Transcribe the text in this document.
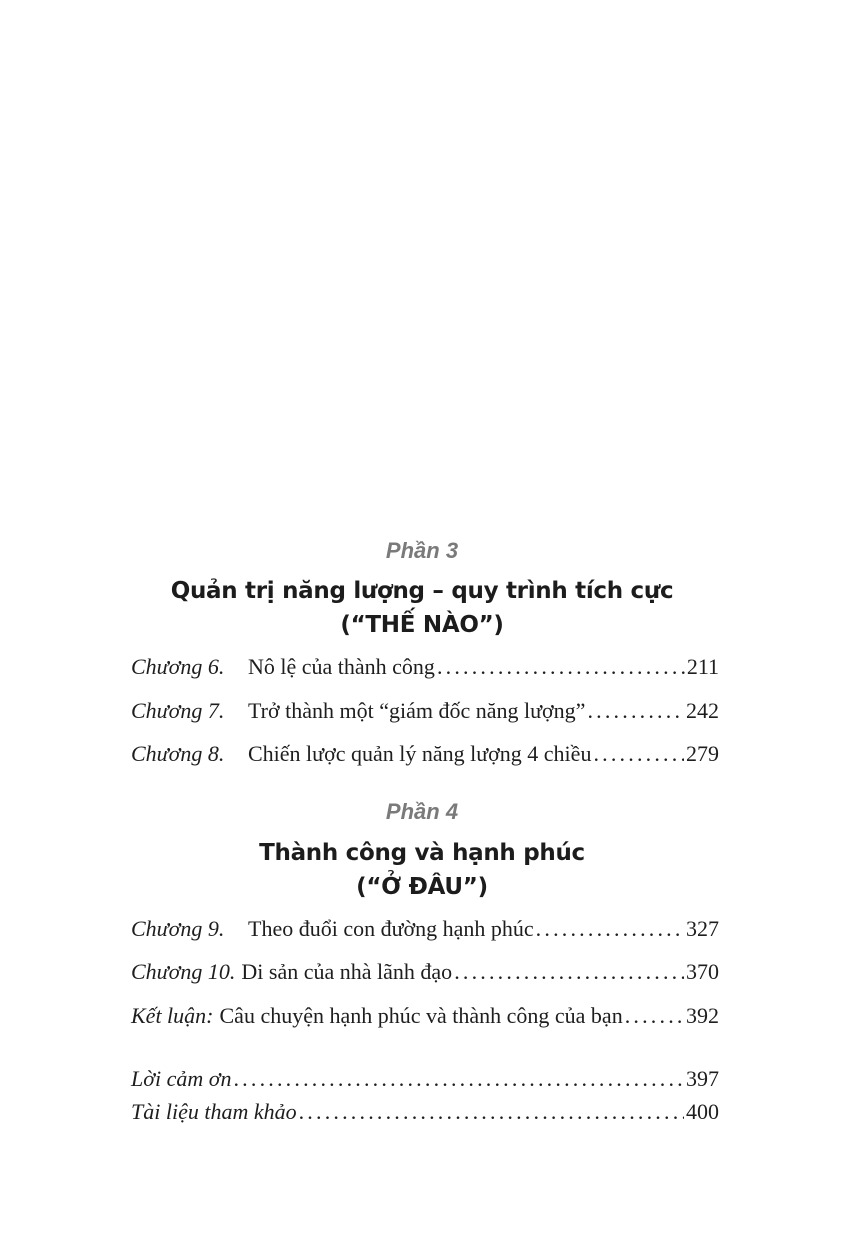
Phần 3
Quản trị năng lượng – quy trình tích cực
(“THẾ NÀO”)
Chương 6.	Nô lệ của thành công .....	211
Chương 7.	Trở thành một “giám đốc năng lượng” .....	242
Chương 8.	Chiến lược quản lý năng lượng 4 chiều .....	279
Phần 4
Thành công và hạnh phúc
(“Ở ĐÂU”)
Chương 9.	Theo đuổi con đường hạnh phúc .....	327
Chương 10. Di sản của nhà lãnh đạo .....	370
Kết luận: Câu chuyện hạnh phúc và thành công của bạn .....	392
Lời cảm ơn .....	397
Tài liệu tham khảo .....	400
